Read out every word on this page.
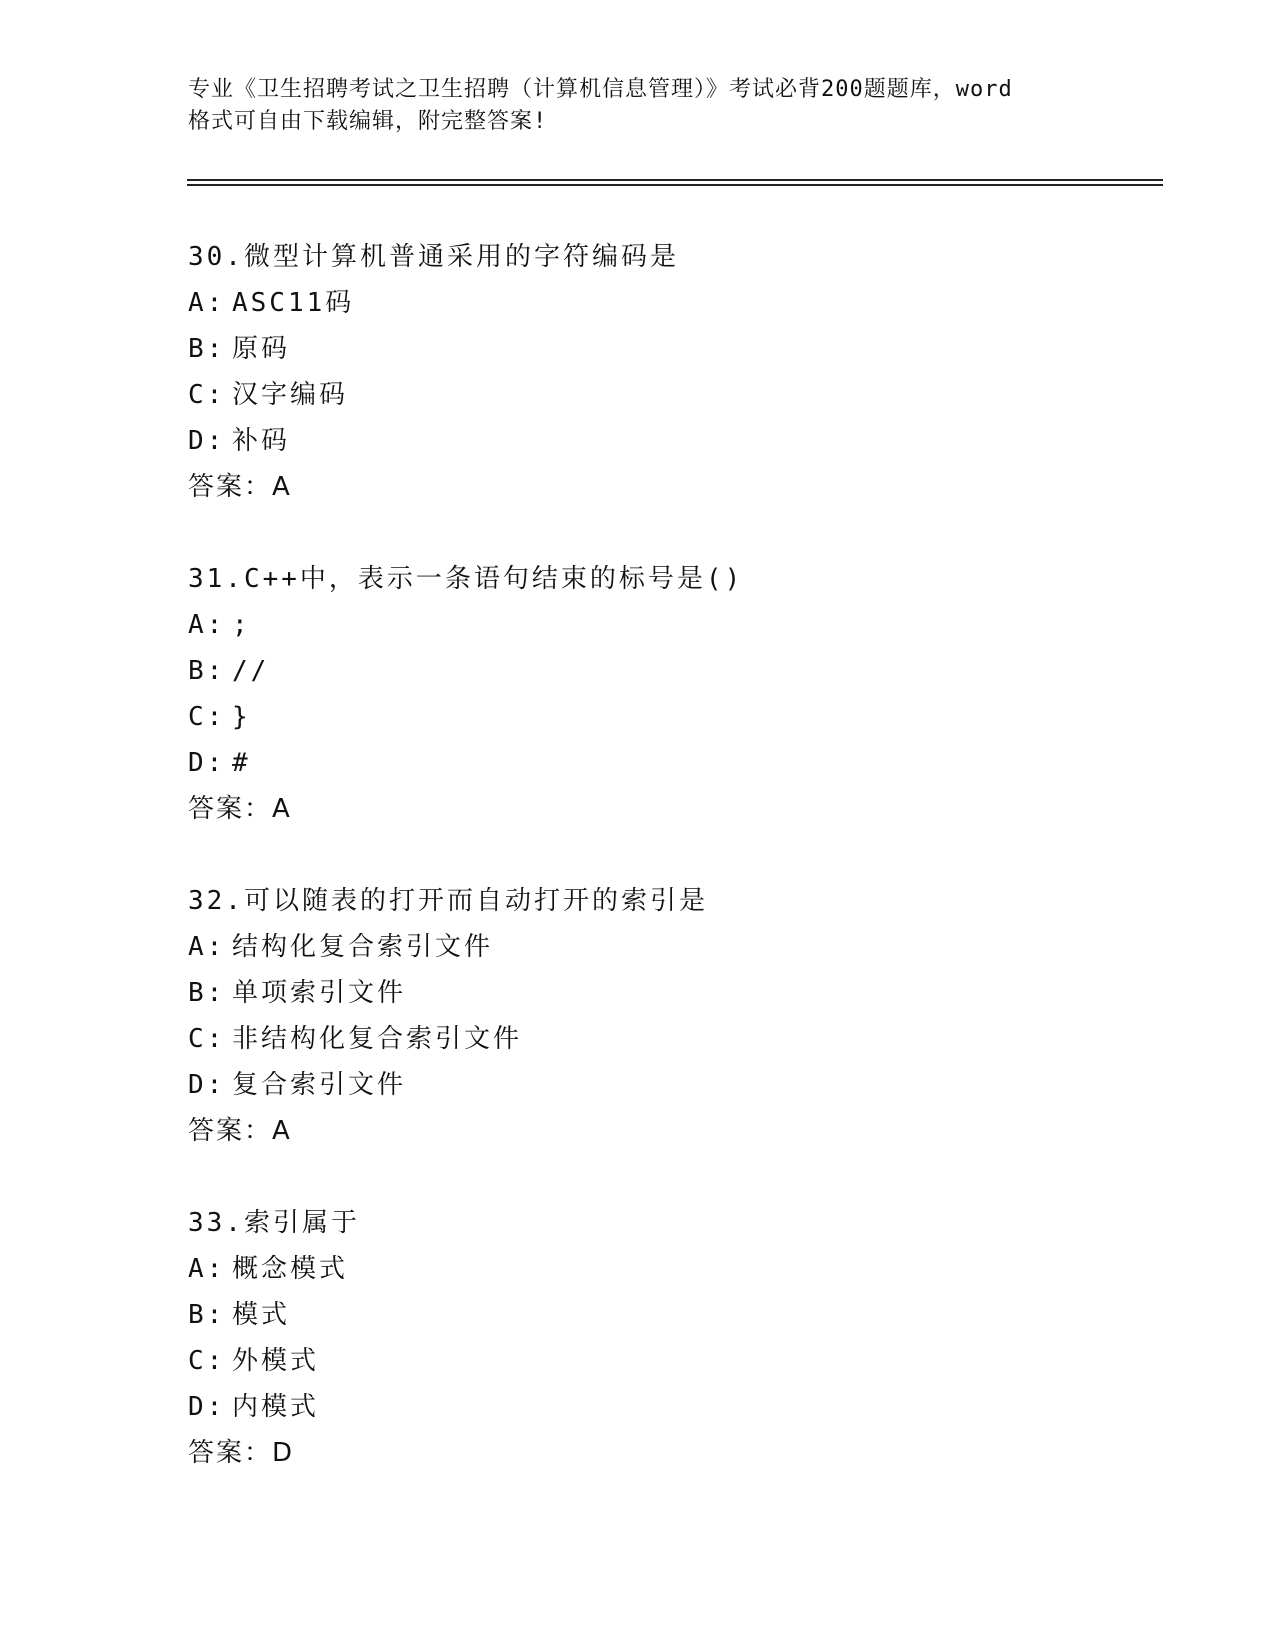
专业《卫生招聘考试之卫生招聘（计算机信息管理）》考试必背200题题库，word
格式可自由下载编辑，附完整答案!
30.微型计算机普通采用的字符编码是
A: ASC11码
B: 原码
C: 汉字编码
D: 补码
答案：A
31.C++中，表示一条语句结束的标号是()
A: ;
B: //
C: }
D: #
答案：A
32.可以随表的打开而自动打开的索引是
A: 结构化复合索引文件
B: 单项索引文件
C: 非结构化复合索引文件
D: 复合索引文件
答案：A
33.索引属于
A: 概念模式
B: 模式
C: 外模式
D: 内模式
答案：D
